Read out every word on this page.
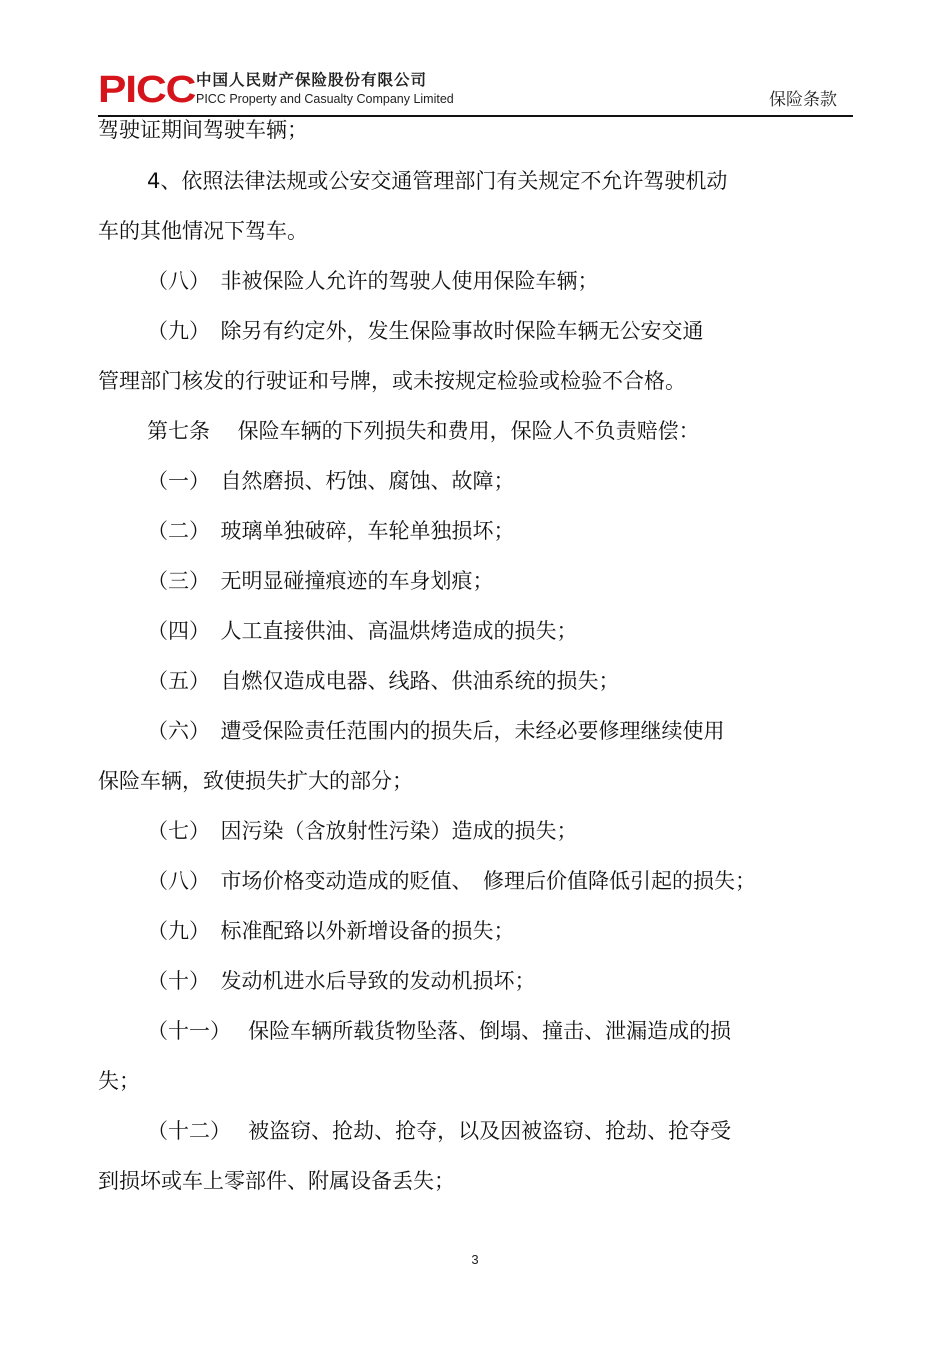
PICC 中国人民财产保险股份有限公司
PICC Property and Casualty Company Limited	保险条款
驾驶证期间驾驶车辆；
4、依照法律法规或公安交通管理部门有关规定不允许驾驶机动
车的其他情况下驾车。
（八）　非被保险人允许的驾驶人使用保险车辆；
（九）　除另有约定外，发生保险事故时保险车辆无公安交通
管理部门核发的行驶证和号牌，或未按规定检验或检验不合格。
第七条　 保险车辆的下列损失和费用，保险人不负责赔偿：
（一）　自然磨损、朽蚀、腐蚀、故障；
（二）　玻璃单独破碎，车轮单独损坏；
（三）　无明显碰撞痕迹的车身划痕；
（四）　人工直接供油、高温烘烤造成的损失；
（五）　自燃仅造成电器、线路、供油系统的损失；
（六）　遭受保险责任范围内的损失后，未经必要修理继续使用
保险车辆，致使损失扩大的部分；
（七）　因污染（含放射性污染）造成的损失；
（八）　市场价格变动造成的贬值、　修理后价值降低引起的损失；
（九）　标准配臵以外新增设备的损失；
（十）　发动机进水后导致的发动机损坏；
（十一）　 保险车辆所载货物坠落、倒塌、撞击、泄漏造成的损
失；
（十二）　 被盗窃、抢劫、抢夺，以及因被盗窃、抢劫、抢夺受
到损坏或车上零部件、附属设备丢失；
3
